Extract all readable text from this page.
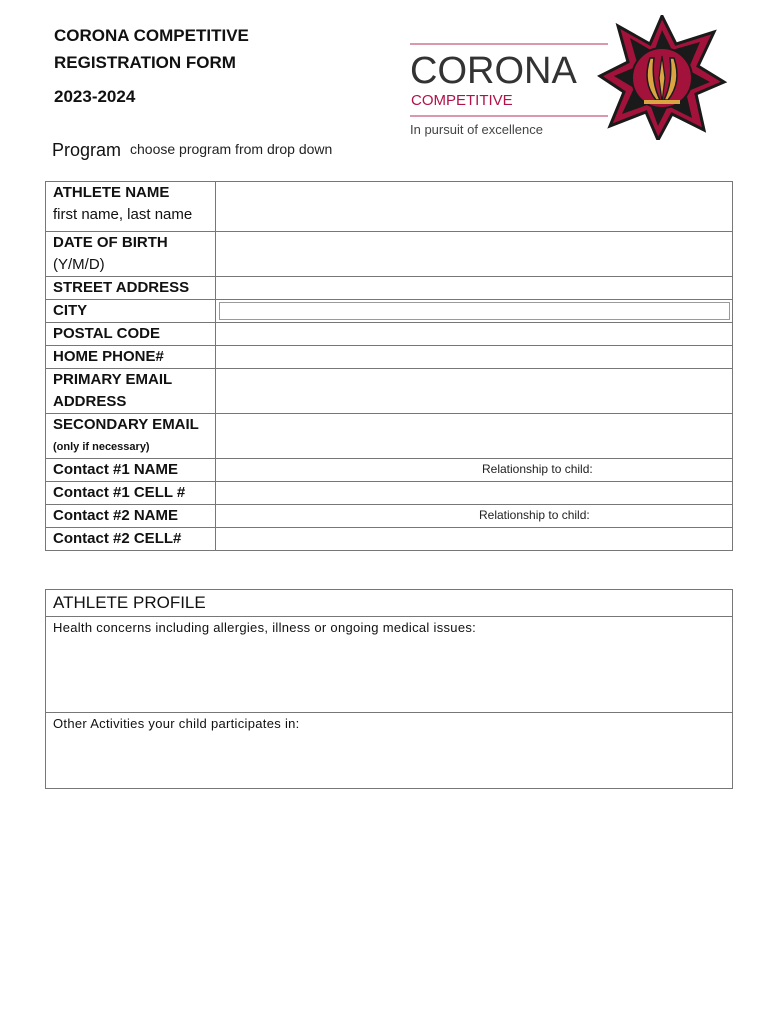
CORONA COMPETITIVE
REGISTRATION FORM
2023-2024
Program choose program from drop down
CORONA
COMPETITIVE
In pursuit of excellence
ATHLETE NAME
first name, last name	

DATE OF BIRTH
(Y/M/D)	

STREET ADDRESS	
CITY	

POSTAL CODE	
HOME PHONE#	

PRIMARY EMAIL
ADDRESS	

SECONDARY EMAIL
(only if necessary)	

Contact #1 NAME	Relationship to child:

Contact #1 CELL #	
Contact #2 NAME	Relationship to child:

Contact #2 CELL#	
ATHLETE PROFILE

Health concerns including allergies, illness or ongoing medical issues:

Other Activities your child participates in:
